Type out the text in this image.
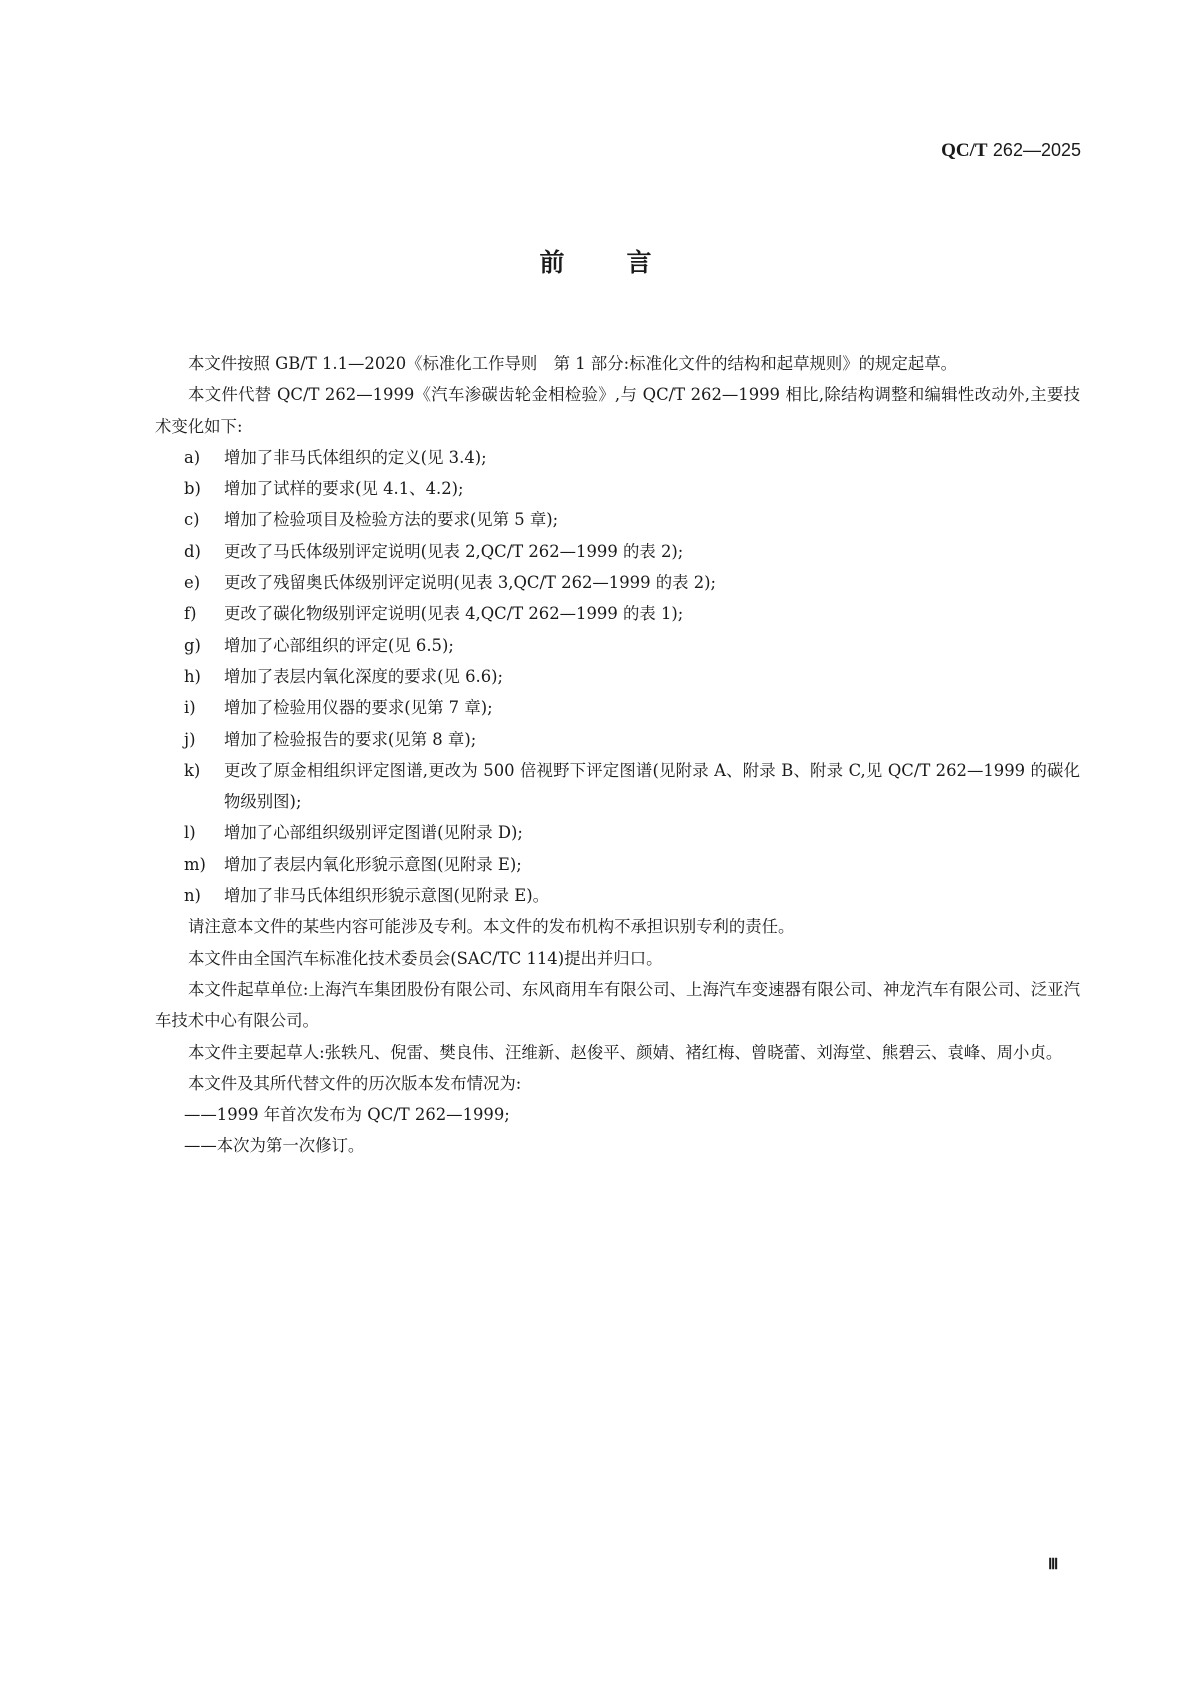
QC/T 262—2025
前言

本文件按照 GB/T 1.1—2020《标准化工作导则　第 1 部分:标准化文件的结构和起草规则》的规定起草。

本文件代替 QC/T 262—1999《汽车渗碳齿轮金相检验》,与 QC/T 262—1999 相比,除结构调整和编辑性改动外,主要技术变化如下:

a)	增加了非马氏体组织的定义(见 3.4);
b)	增加了试样的要求(见 4.1、4.2);
c)	增加了检验项目及检验方法的要求(见第 5 章);
d)	更改了马氏体级别评定说明(见表 2,QC/T 262—1999 的表 2);
e)	更改了残留奥氏体级别评定说明(见表 3,QC/T 262—1999 的表 2);
f)	更改了碳化物级别评定说明(见表 4,QC/T 262—1999 的表 1);
g)	增加了心部组织的评定(见 6.5);
h)	增加了表层内氧化深度的要求(见 6.6);
i)	增加了检验用仪器的要求(见第 7 章);
j)	增加了检验报告的要求(见第 8 章);
k)	更改了原金相组织评定图谱,更改为 500 倍视野下评定图谱(见附录 A、附录 B、附录 C,见 QC/T 262—1999 的碳化物级别图);
l)	增加了心部组织级别评定图谱(见附录 D);
m)	增加了表层内氧化形貌示意图(见附录 E);
n)	增加了非马氏体组织形貌示意图(见附录 E)。

请注意本文件的某些内容可能涉及专利。本文件的发布机构不承担识别专利的责任。

本文件由全国汽车标准化技术委员会(SAC/TC 114)提出并归口。

本文件起草单位:上海汽车集团股份有限公司、东风商用车有限公司、上海汽车变速器有限公司、神龙汽车有限公司、泛亚汽车技术中心有限公司。

本文件主要起草人:张轶凡、倪雷、樊良伟、汪维新、赵俊平、颜婧、褚红梅、曾晓蕾、刘海堂、熊碧云、袁峰、周小贞。

本文件及其所代替文件的历次版本发布情况为:

——1999 年首次发布为 QC/T 262—1999;

——本次为第一次修订。

Ⅲ
